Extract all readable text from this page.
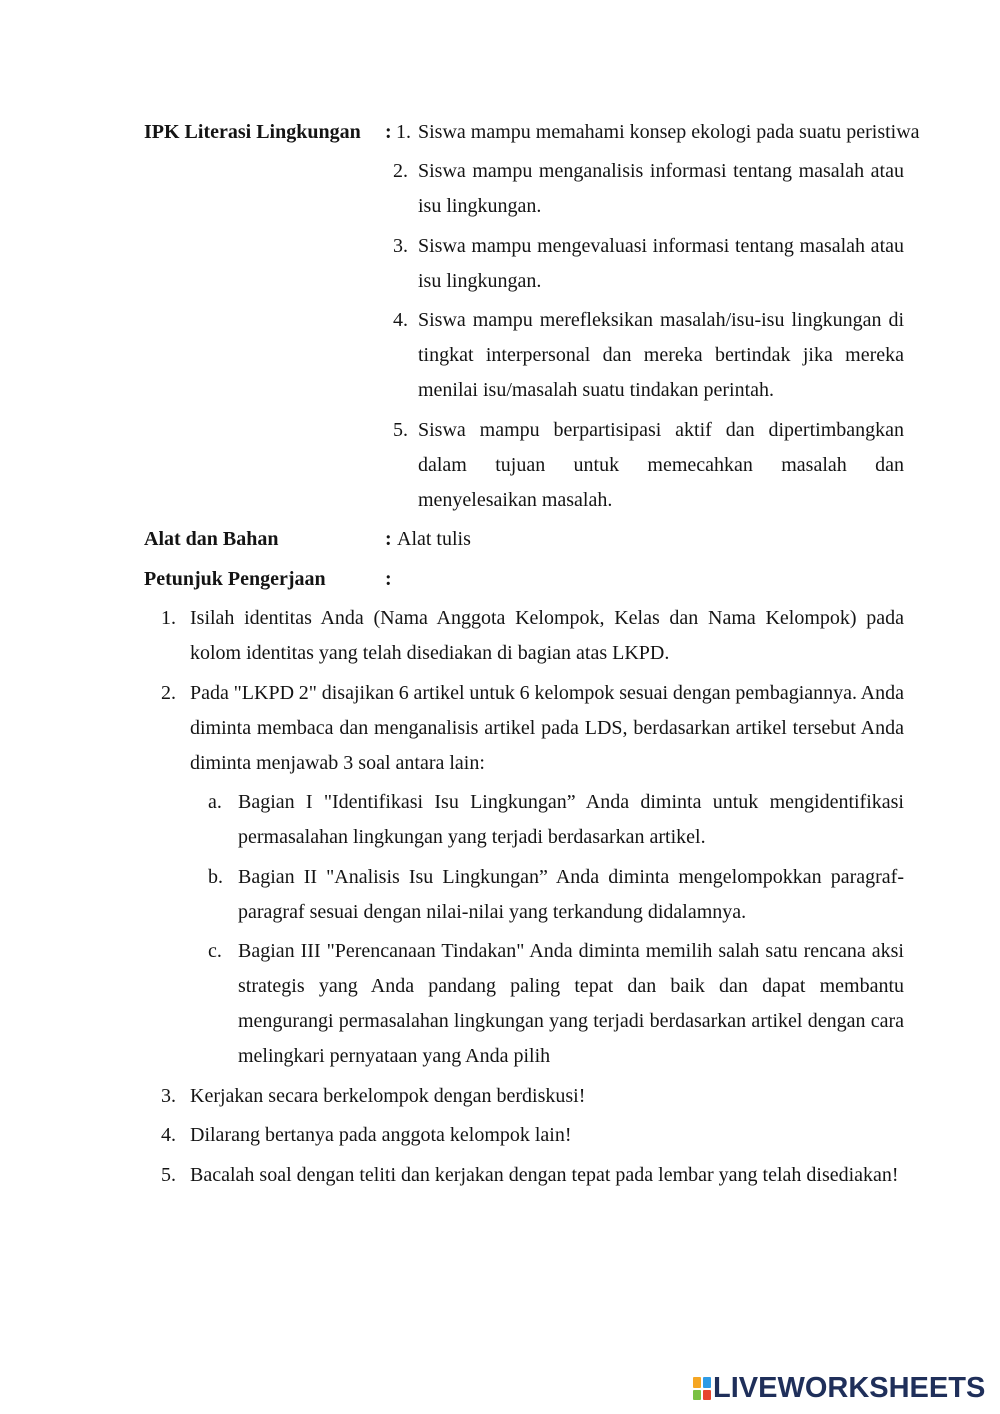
IPK Literasi Lingkungan : 1. Siswa mampu memahami konsep ekologi pada suatu peristiwa
2. Siswa mampu menganalisis informasi tentang masalah atau
isu lingkungan.
3. Siswa mampu mengevaluasi informasi tentang masalah atau
isu lingkungan.
4. Siswa mampu merefleksikan masalah/isu-isu lingkungan di
tingkat interpersonal dan mereka bertindak jika mereka
menilai isu/masalah suatu tindakan perintah.
5. Siswa mampu berpartisipasi aktif dan dipertimbangkan
dalam tujuan untuk memecahkan masalah dan
menyelesaikan masalah.
Alat dan Bahan	: Alat tulis
Petunjuk Pengerjaan	:
1. Isilah identitas Anda (Nama Anggota Kelompok, Kelas dan Nama Kelompok) pada
kolom identitas yang telah disediakan di bagian atas LKPD.
2. Pada "LKPD 2" disajikan 6 artikel untuk 6 kelompok sesuai dengan pembagiannya. Anda
diminta membaca dan menganalisis artikel pada LDS, berdasarkan artikel tersebut Anda
diminta menjawab 3 soal antara lain:
a. Bagian I "Identifikasi Isu Lingkungan” Anda diminta untuk mengidentifikasi
permasalahan lingkungan yang terjadi berdasarkan artikel.
b. Bagian II "Analisis Isu Lingkungan” Anda diminta mengelompokkan paragraf-
paragraf sesuai dengan nilai-nilai yang terkandung didalamnya.
c. Bagian III "Perencanaan Tindakan" Anda diminta memilih salah satu rencana aksi
strategis yang Anda pandang paling tepat dan baik dan dapat membantu
mengurangi permasalahan lingkungan yang terjadi berdasarkan artikel dengan cara
melingkari pernyataan yang Anda pilih
3. Kerjakan secara berkelompok dengan berdiskusi!
4. Dilarang bertanya pada anggota kelompok lain!
5. Bacalah soal dengan teliti dan kerjakan dengan tepat pada lembar yang telah disediakan!
LIVEWORKSHEETS
